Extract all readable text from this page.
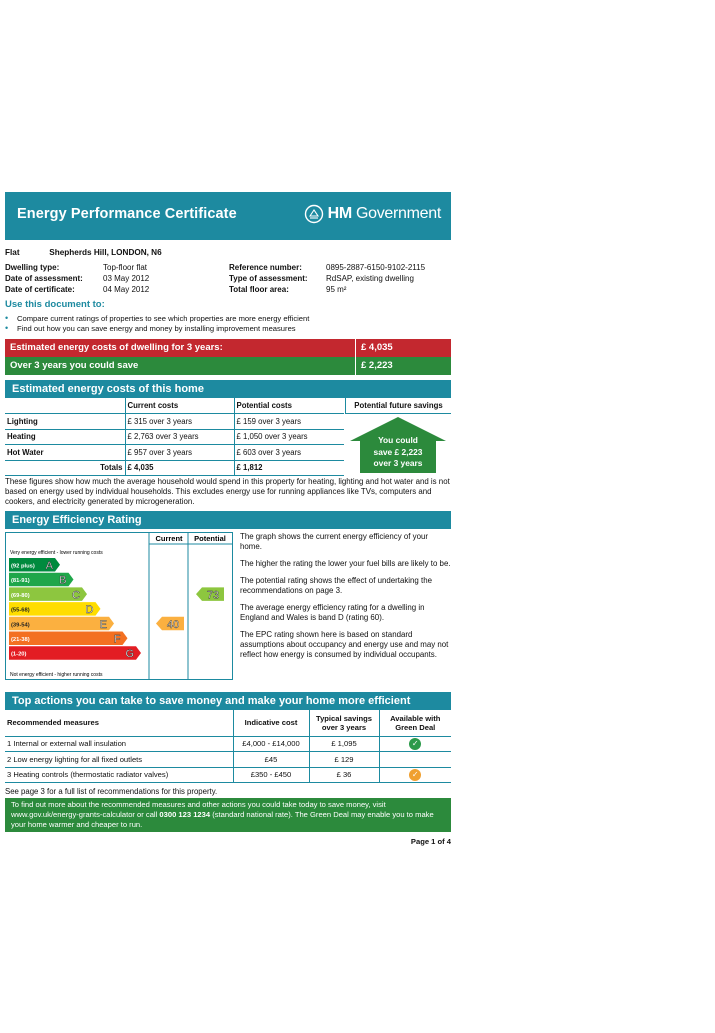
Energy Performance Certificate	HM Government
Flat	Shepherds Hill, LONDON, N6
Dwelling type:	Top-floor flat	Reference number:	0895-2887-6150-9102-2115
Date of assessment:	03 May 2012	Type of assessment:	RdSAP, existing dwelling
Date of certificate:	04 May 2012	Total floor area:	95 m²
Use this document to:
•	Compare current ratings of properties to see which properties are more energy efficient
•	Find out how you can save energy and money by installing improvement measures
Estimated energy costs of dwelling for 3 years:	£ 4,035
Over 3 years you could save	£ 2,223
Estimated energy costs of this home
	Current costs	Potential costs
Lighting	£ 315 over 3 years	£ 159 over 3 years
Heating	£ 2,763 over 3 years	£ 1,050 over 3 years
Hot Water	£ 957 over 3 years	£ 603 over 3 years
Totals	£ 4,035	£ 1,812
Potential future savings
You could
save £ 2,223
over 3 years
These figures show how much the average household would spend in this property for heating, lighting and hot water and is not based on energy used by individual households. This excludes energy use for running appliances like TVs, computers and cookers, and electricity generated by microgeneration.
Energy Efficiency Rating
Current Potential
Very energy efficient - lower running costs
Not energy efficient - higher running costs
(92 plus) A
(81-91)	B
(69-80)	C
(55-68)	D
(39-54)	E
(21-38)	F
(1-20)	G
40
73

The graph shows the current energy efficiency of your home.

The higher the rating the lower your fuel bills are likely to be.

The potential rating shows the effect of undertaking the recommendations on page 3.

The average energy efficiency rating for a dwelling in England and Wales is band D (rating 60).

The EPC rating shown here is based on standard assumptions about occupancy and energy use and may not reflect how energy is consumed by individual occupants.

Top actions you can take to save money and make your home more efficient
Recommended measures	Indicative cost	Typical savings over 3 years	Available with Green Deal
1 Internal or external wall insulation	£4,000 - £14,000	£ 1,095	✓
2 Low energy lighting for all fixed outlets	£45	£ 129	
3 Heating controls (thermostatic radiator valves)	£350 - £450	£ 36	✓
See page 3 for a full list of recommendations for this property.
To find out more about the recommended measures and other actions you could take today to save money, visit www.gov.uk/energy-grants-calculator or call 0300 123 1234 (standard national rate). The Green Deal may enable you to make your home warmer and cheaper to run.
Page 1 of 4
